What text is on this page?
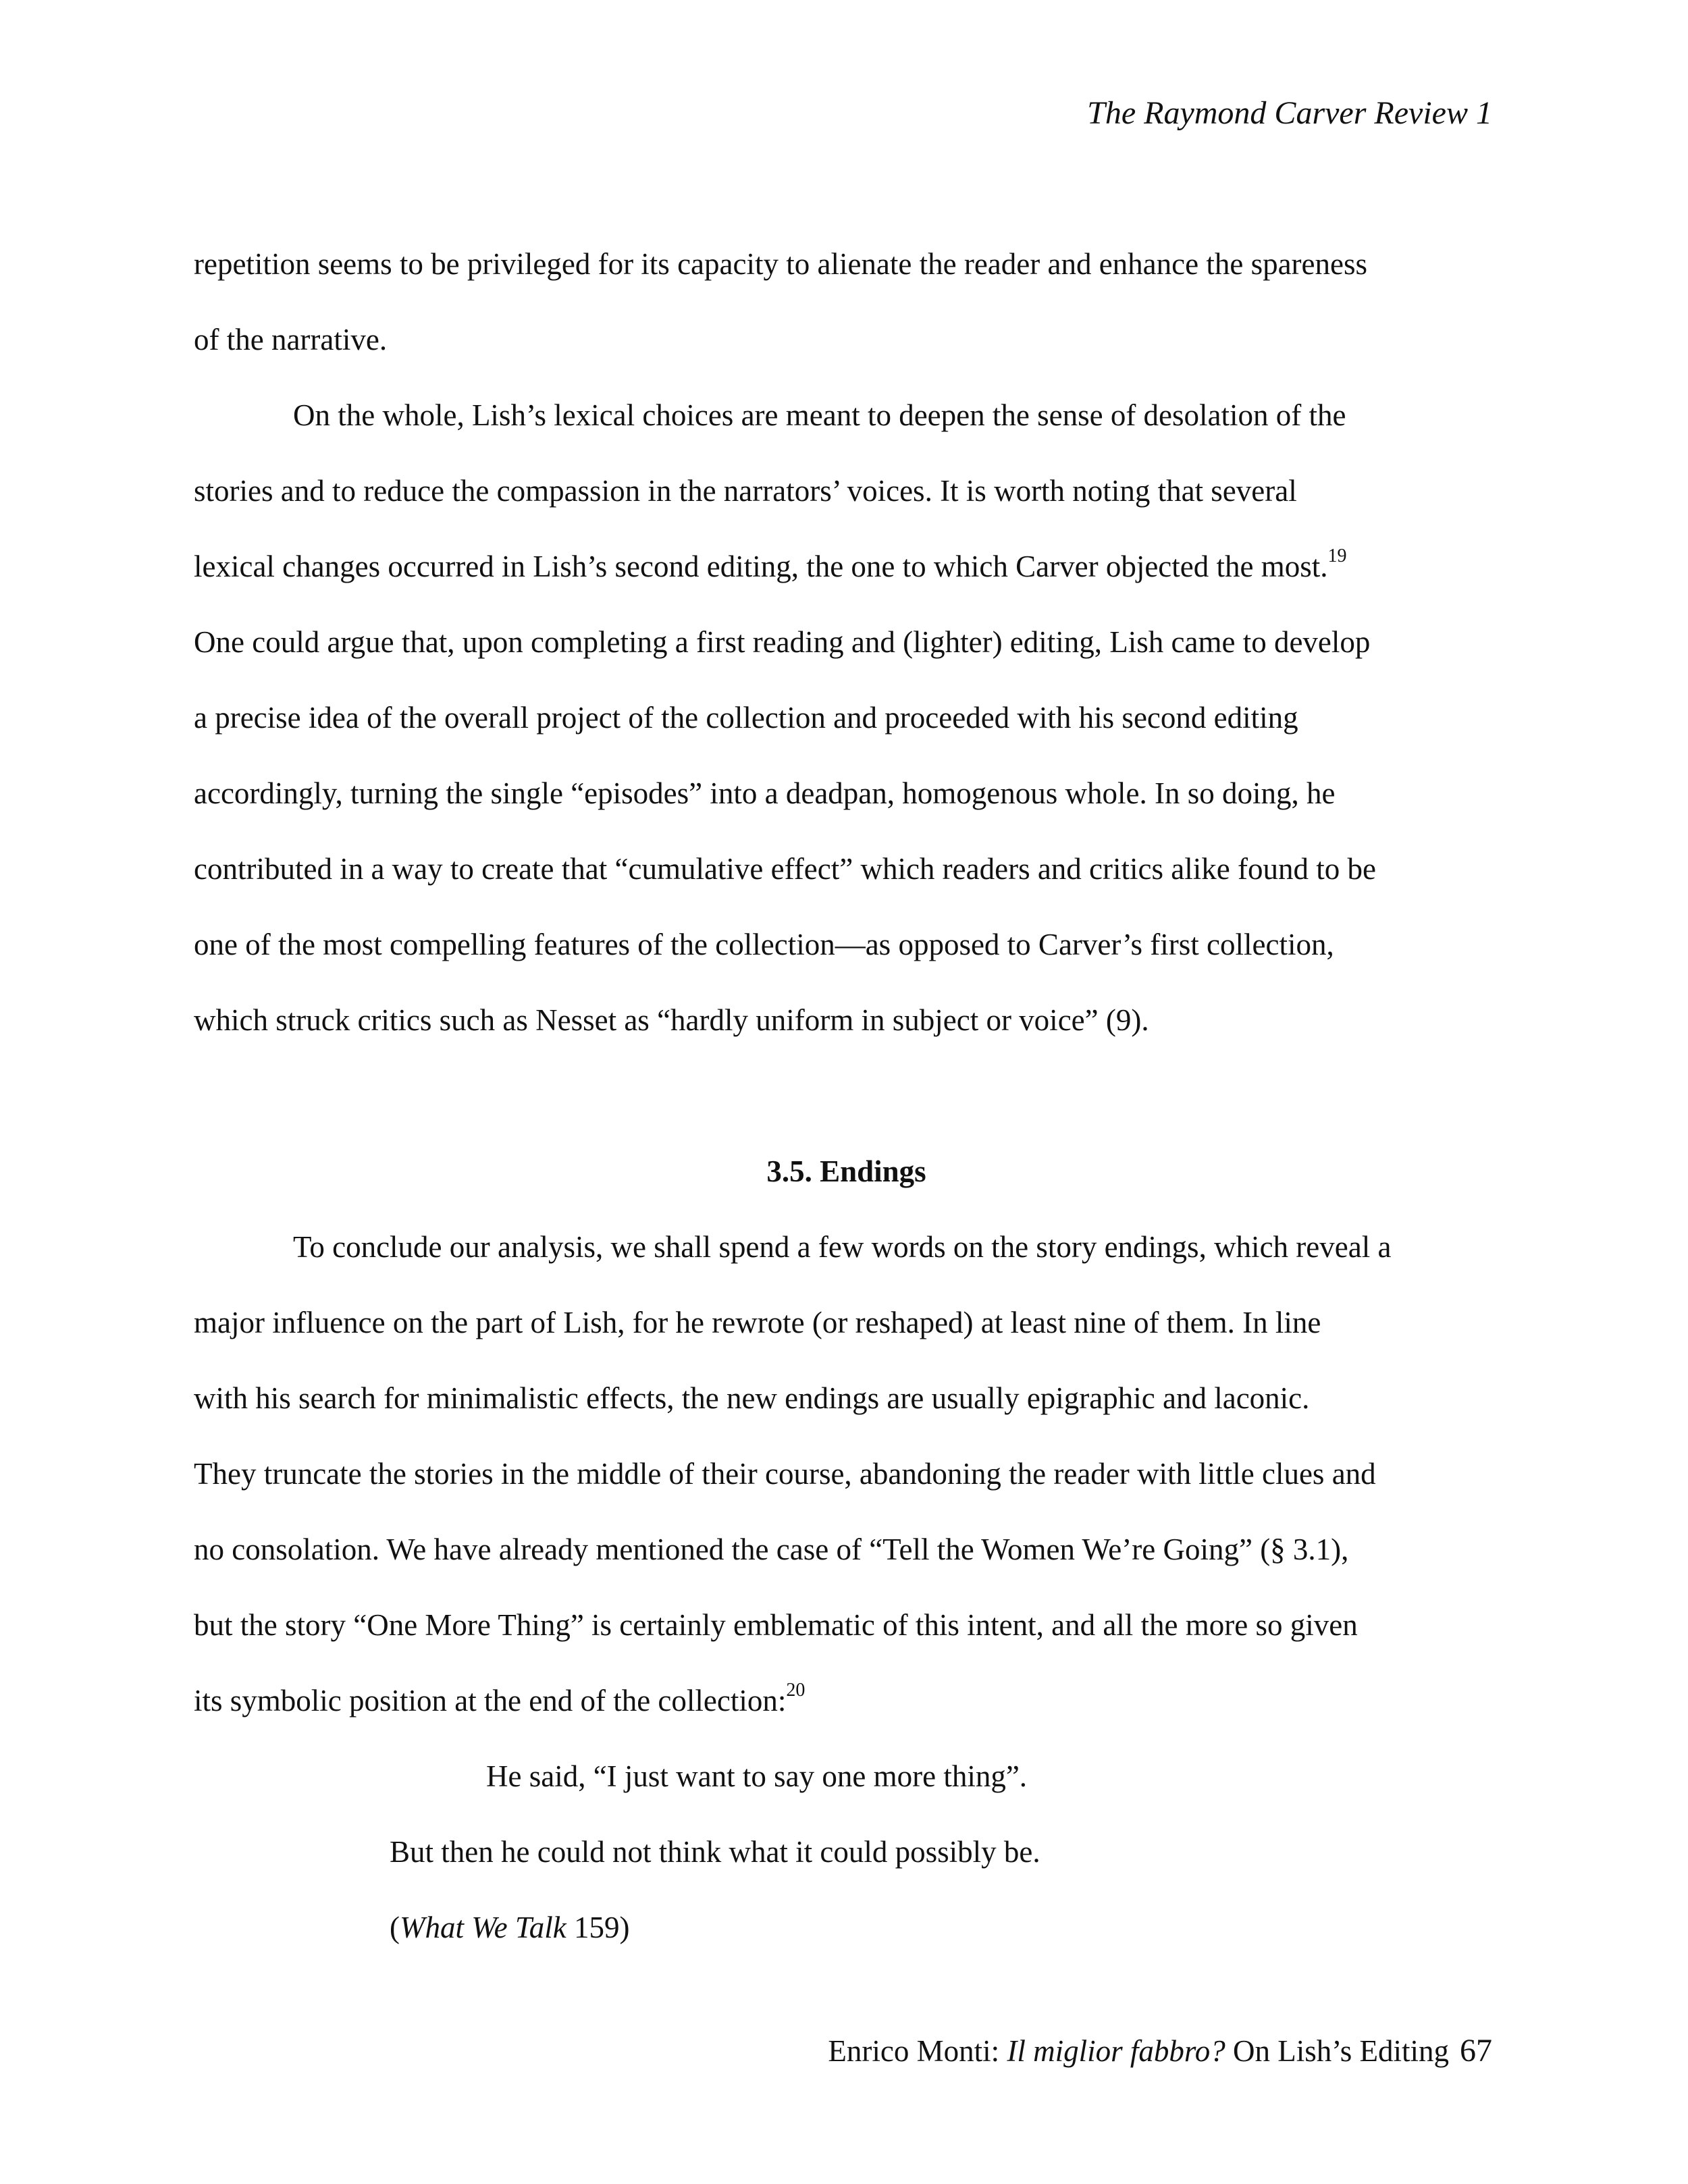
The Raymond Carver Review 1
repetition seems to be privileged for its capacity to alienate the reader and enhance the spareness
of the narrative.
On the whole, Lish’s lexical choices are meant to deepen the sense of desolation of the
stories and to reduce the compassion in the narrators’ voices. It is worth noting that several
lexical changes occurred in Lish’s second editing, the one to which Carver objected the most.$^{19}$
One could argue that, upon completing a first reading and (lighter) editing, Lish came to develop
a precise idea of the overall project of the collection and proceeded with his second editing
accordingly, turning the single “episodes” into a deadpan, homogenous whole. In so doing, he
contributed in a way to create that “cumulative effect” which readers and critics alike found to be
one of the most compelling features of the collection—as opposed to Carver’s first collection,
which struck critics such as Nesset as “hardly uniform in subject or voice” (9).
3.5. Endings
To conclude our analysis, we shall spend a few words on the story endings, which reveal a
major influence on the part of Lish, for he rewrote (or reshaped) at least nine of them. In line
with his search for minimalistic effects, the new endings are usually epigraphic and laconic.
They truncate the stories in the middle of their course, abandoning the reader with little clues and
no consolation. We have already mentioned the case of “Tell the Women We’re Going” (§ 3.1),
but the story “One More Thing” is certainly emblematic of this intent, and all the more so given
its symbolic position at the end of the collection:$^{20}$
He said, “I just want to say one more thing”.
But then he could not think what it could possibly be.
(What We Talk 159)
Enrico Monti: Il miglior fabbro? On Lish’s Editing 67
